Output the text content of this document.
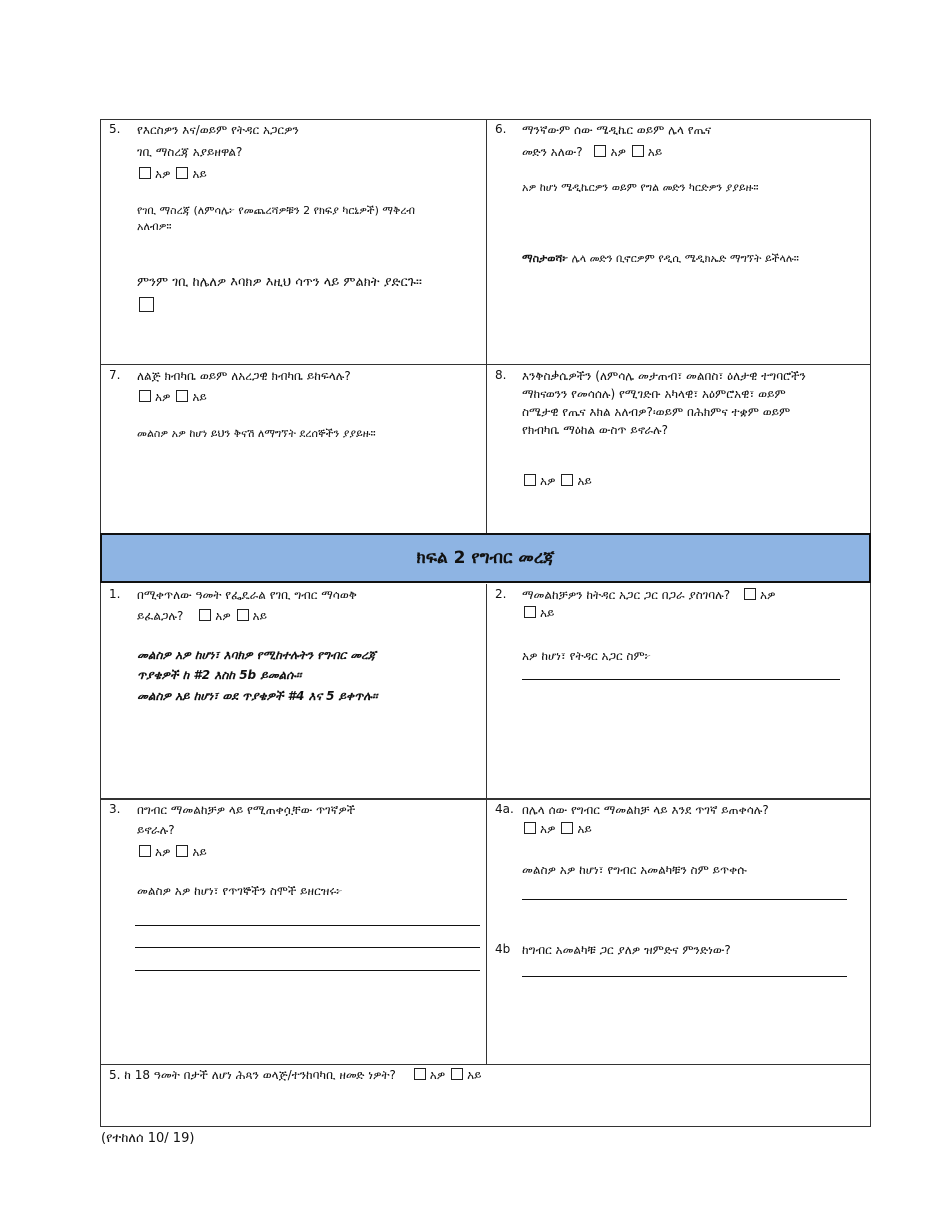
5. የእርስዎን እና/ወይም የትዳር አጋርዎን
ገቢ ማስረጃ አያይዘዋል?
አዎ አይ
የገቢ ማስረጃ (ለምሳሌ፦ የመጨረሻዎቹን 2 የክፍያ ካርኒዎች) ማቅረብ አለብዎ።
ምንም ገቢ ከሌለዎ እባክዎ እዚህ ሳጥን ላይ ምልክት ያድርጉ።
6. ማንኛውም ሰው ሜዲኬር ወይም ሌላ የጤና
መድን አለው? አዎ አይ
አዎ ከሆነ ሜዲኬርዎን ወይም የግል መድን ካርድዎን ያያይዙ።
ማስታወሻ፦ ሌላ መድን ቢኖርዎም የዲሲ ሜዲክኤድ ማግኘት ይችላሉ።
7. ለልጅ ክብካቤ ወይም ለአረጋዊ ክብካቤ ይከፍላሉ?
አዎ አይ
መልስዎ አዎ ከሆነ ይህን ቅናሽ ለማግኘት ደረሰኞችን ያያይዙ።
8. እንቅስቃሴዎችን (ለምሳሌ መታጠብ፣ መልበስ፣ ዕለታዊ ተግባሮችን ማከናወንን የመሳሰሉ) የሚገድቡ አካላዊ፣ አዕምሮአዊ፣ ወይም ስሜታዊ የጤና እክል አለብዎ?፡ወይም በሕክምና ተቋም ወይም የክብካቤ ማዕከል ውስጥ ይኖራሉ?
አዎ አይ
ክፍል 2 የግብር መረጃ
1. በሚቀጥለው ዓመት የፌዴራል የገቢ ግብር ማሳወቅ
ይፈልጋሉ?	አዎ አይ
መልስዎ አዎ ከሆነ፣ እባክዎ የሚከተሉትን የግብር መረጃ ጥያቄዎች ከ #2 እስከ 5b ይመልሱ።
መልስዎ አይ ከሆነ፣ ወደ ጥያቄዎች #4 እና 5 ይቀጥሉ።
2. ማመልከቻዎን ከትዳር አጋር ጋር በጋራ ያስገባሉ? አዎ
አይ
አዎ ከሆነ፣ የትዳር አጋር ስም፦
3. በግብር ማመልከቻዎ ላይ የሚጠቀሷቸው ጥገኛዎች
ይኖራሉ?
አዎ አይ
መልስዎ አዎ ከሆነ፣ የጥገኞችን ስሞች ይዘርዝሩ፦
4a. በሌላ ሰው የግብር ማመልከቻ ላይ እንደ ጥገኛ ይጠቀሳሉ?
አዎ አይ
መልስዎ አዎ ከሆነ፣ የግብር አመልካቹን ስም ይጥቀሱ
4b ከግብር አመልካቹ ጋር ያለዎ ዝምድና ምንድነው?
5. ከ 18 ዓመት በታች ለሆነ ሕጻን ወላጅ/ተንከባካቢ ዘመድ ነዎት?	አዎ አይ
(የተከለሰ 10/ 19)
